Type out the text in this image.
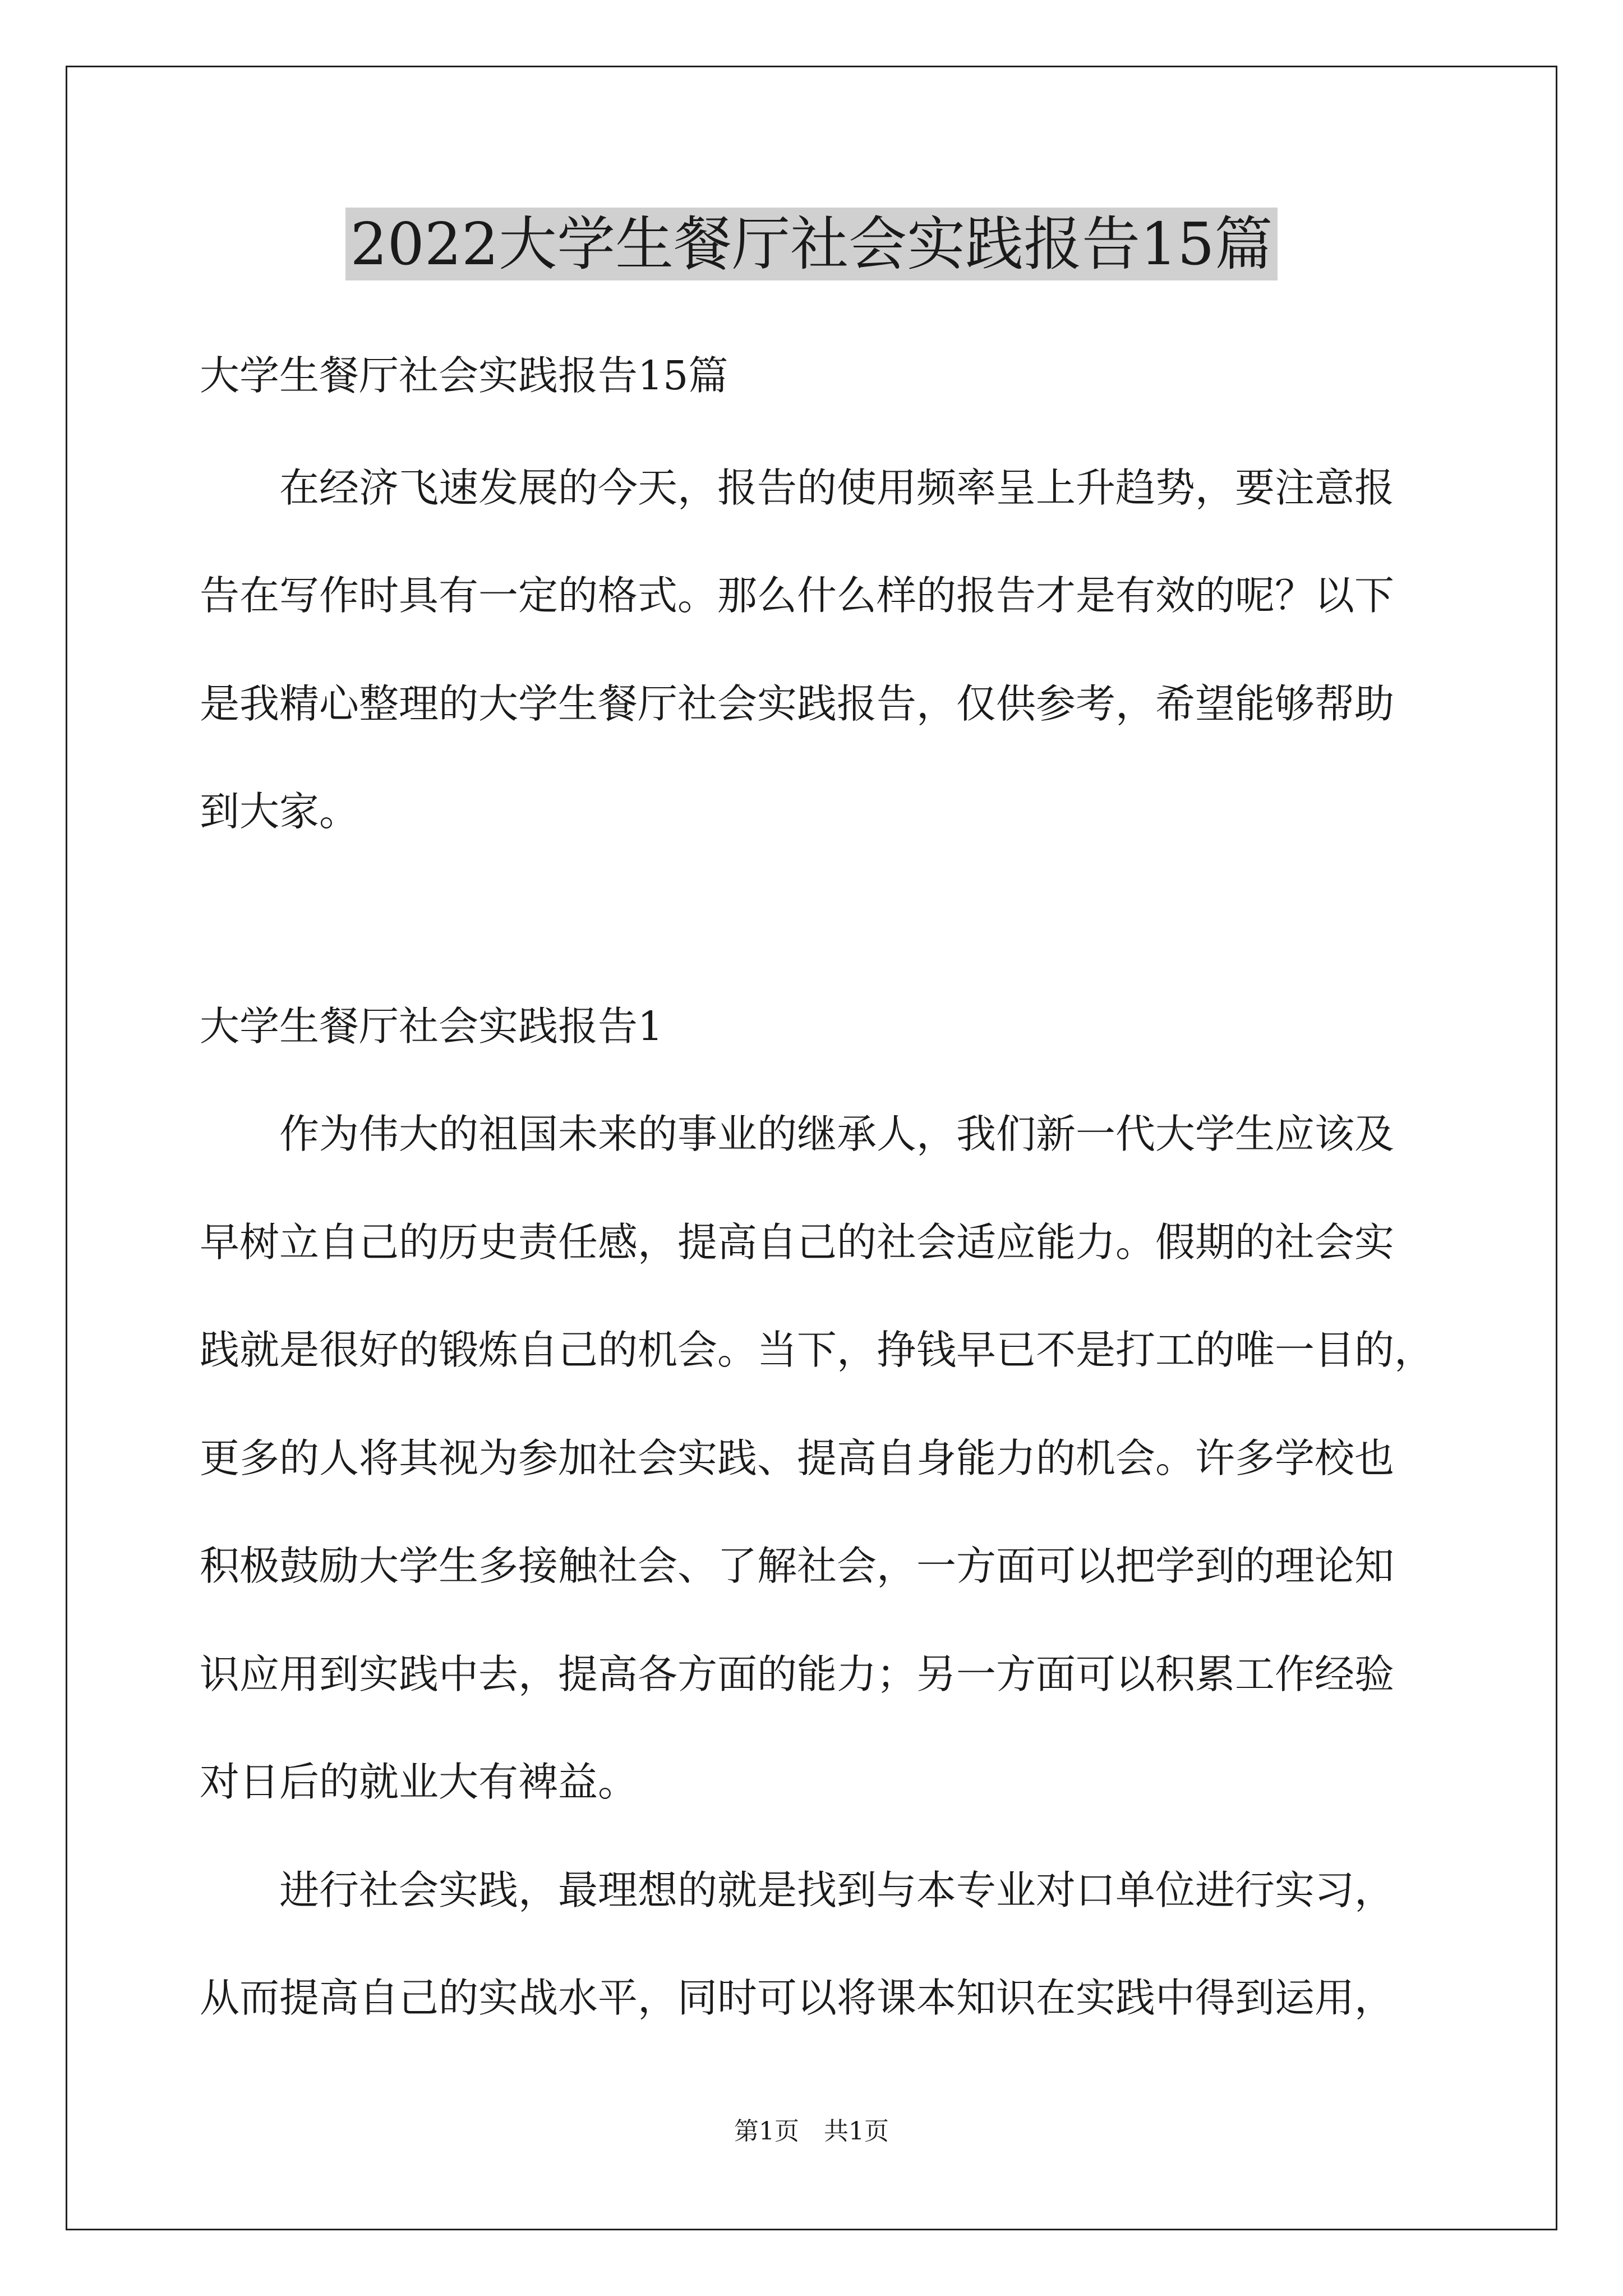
2022大学生餐厅社会实践报告15篇
大学生餐厅社会实践报告15篇
　　在经济飞速发展的今天，报告的使用频率呈上升趋势，要注意报
告在写作时具有一定的格式。那么什么样的报告才是有效的呢？以下
是我精心整理的大学生餐厅社会实践报告，仅供参考，希望能够帮助
到大家。
大学生餐厅社会实践报告1
　　作为伟大的祖国未来的事业的继承人，我们新一代大学生应该及
早树立自己的历史责任感，提高自己的社会适应能力。假期的社会实
践就是很好的锻炼自己的机会。当下，挣钱早已不是打工的唯一目的，
更多的人将其视为参加社会实践、提高自身能力的机会。许多学校也
积极鼓励大学生多接触社会、了解社会，一方面可以把学到的理论知
识应用到实践中去，提高各方面的能力；另一方面可以积累工作经验
对日后的就业大有裨益。
　　进行社会实践，最理想的就是找到与本专业对口单位进行实习，
从而提高自己的实战水平，同时可以将课本知识在实践中得到运用，
第1页　共1页
